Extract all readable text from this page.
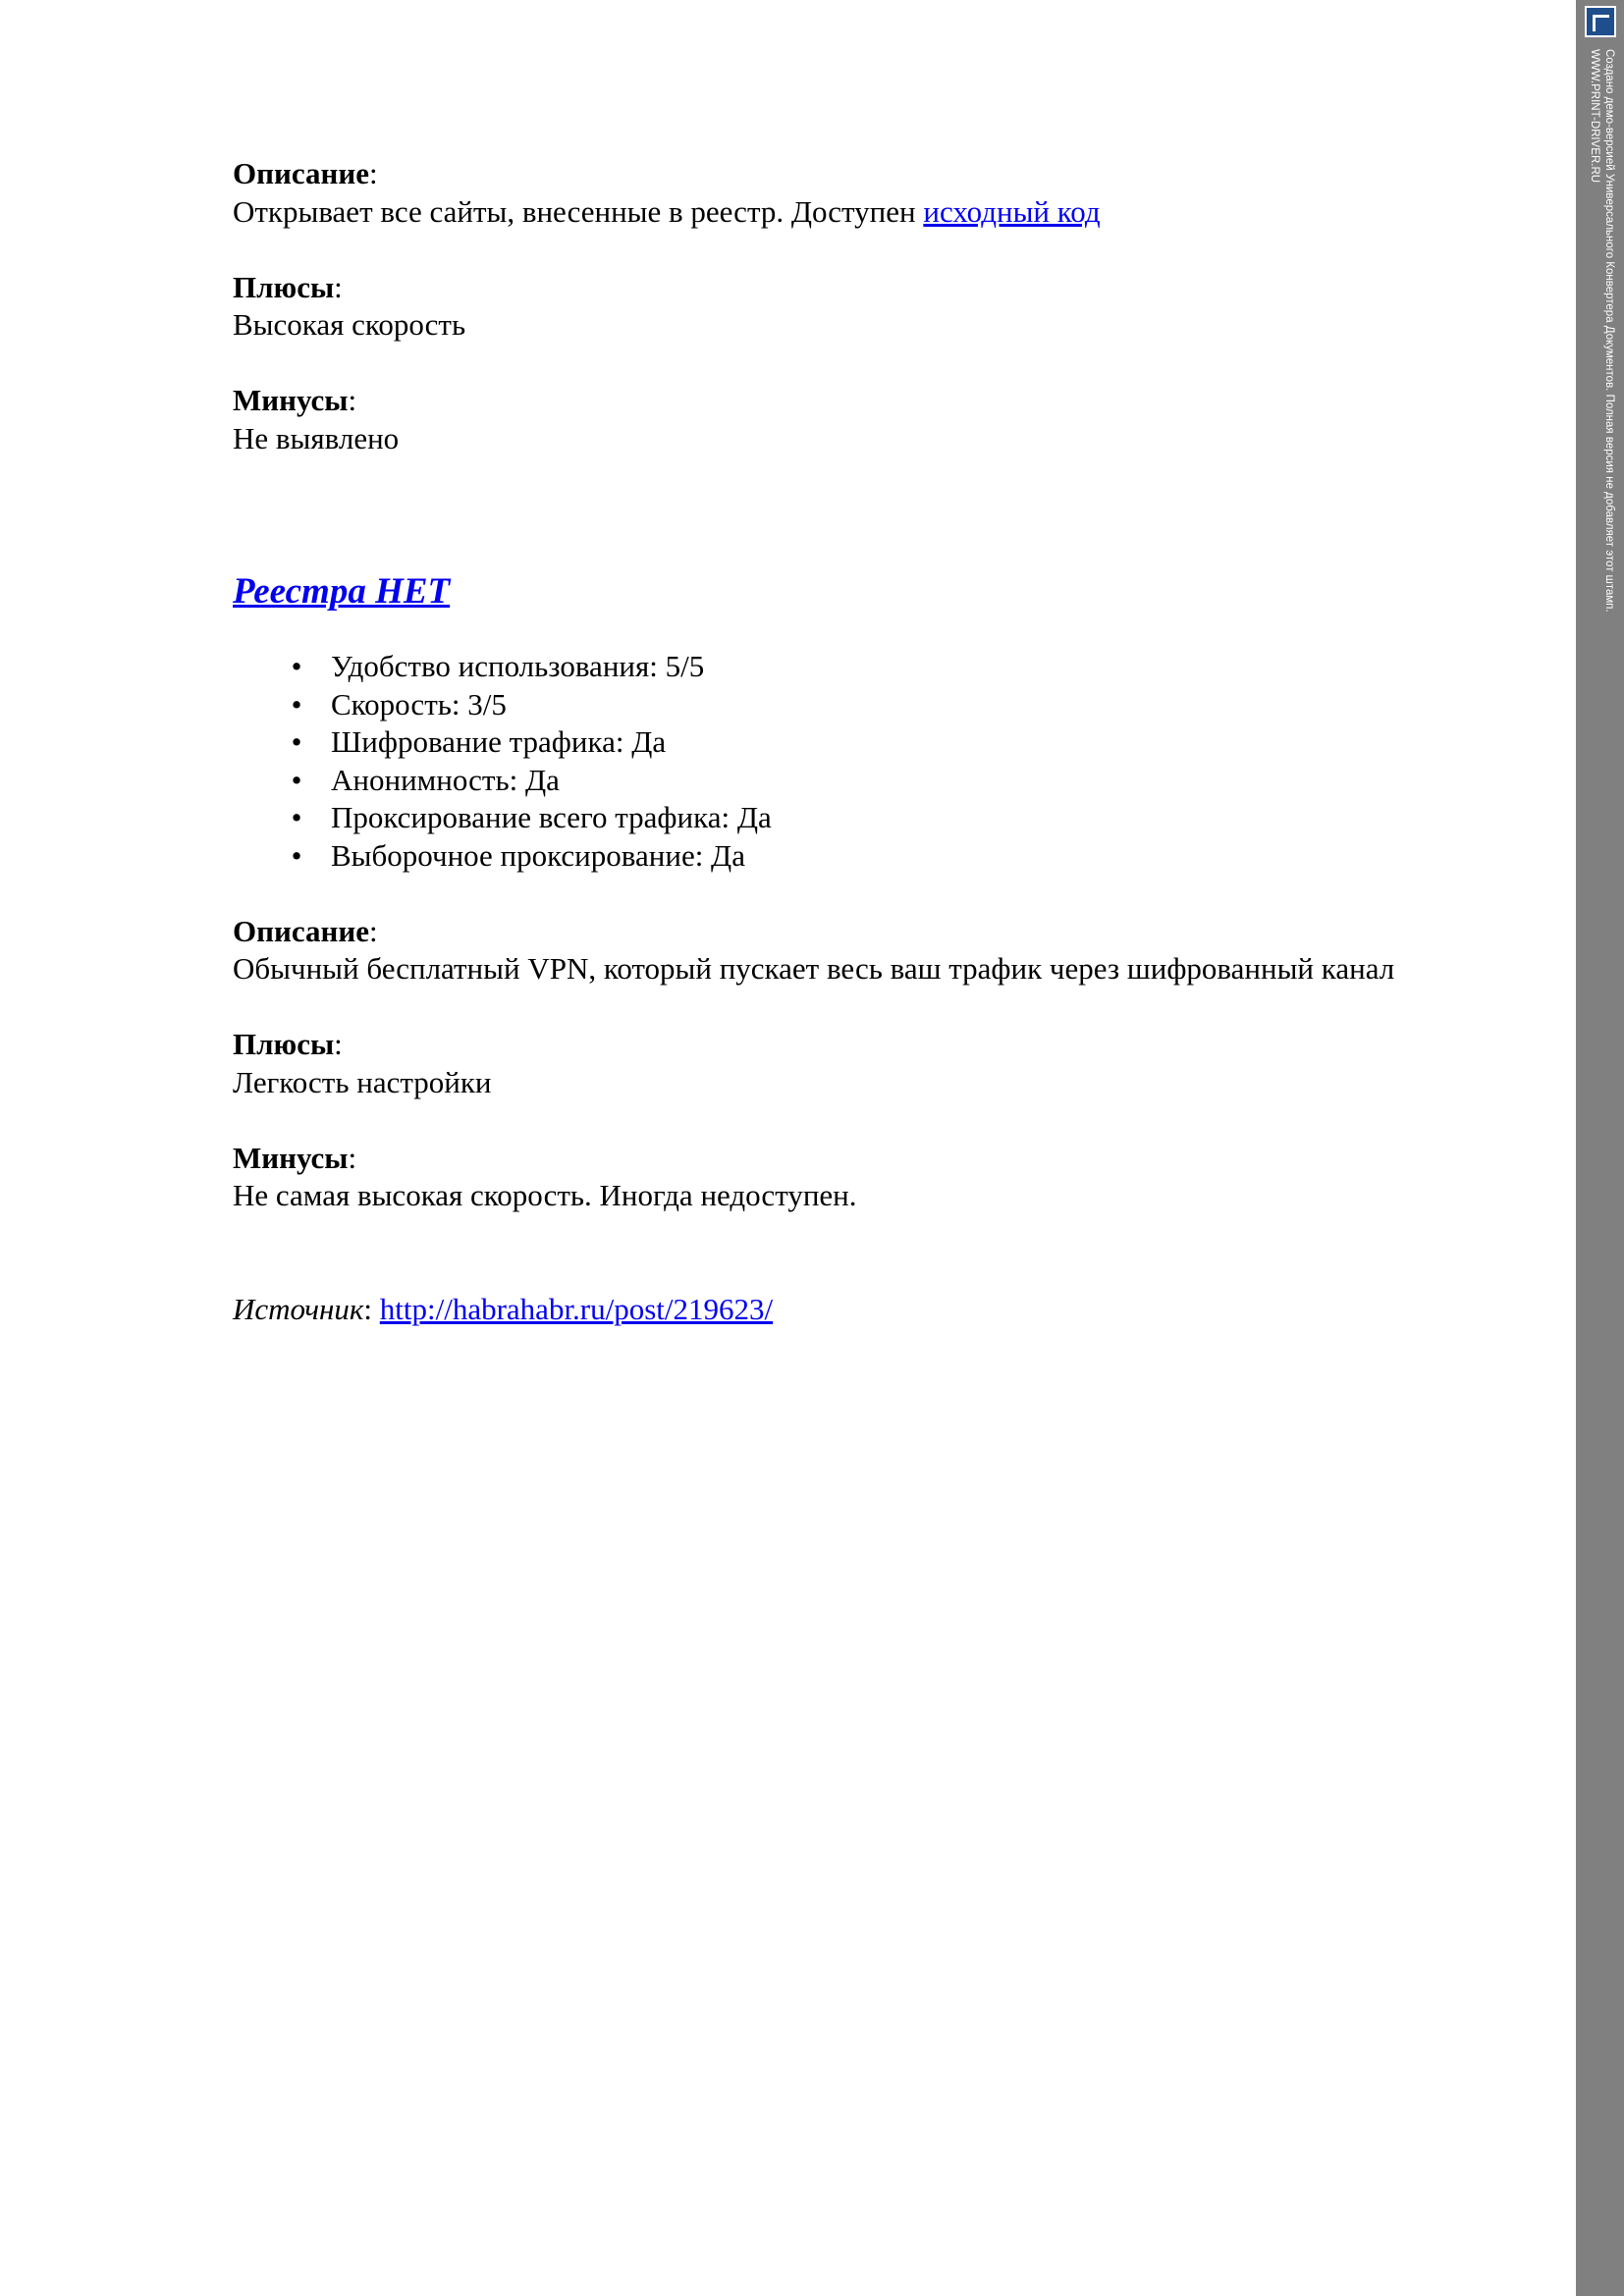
Описание:

Открывает все сайты, внесенные в реестр. Доступен исходный код

Плюсы:

Высокая скорость

Минусы:

Не выявлено

Реестра НЕТ
• Удобство использования: 5/5
• Скорость: 3/5
• Шифрование трафика: Да
• Анонимность: Да
• Проксирование всего трафика: Да
• Выборочное проксирование: Да

Описание:

Обычный бесплатный VPN, который пускает весь ваш трафик через шифрованный канал

Плюсы:

Легкость настройки

Минусы:

Не самая высокая скорость. Иногда недоступен.

Источник: http://habrahabr.ru/post/219623/

Создано демо-версией Универсального Конвертера Документов. Полная версия не добавляет этот штамп.
WWW.PRINT-DRIVER.RU
